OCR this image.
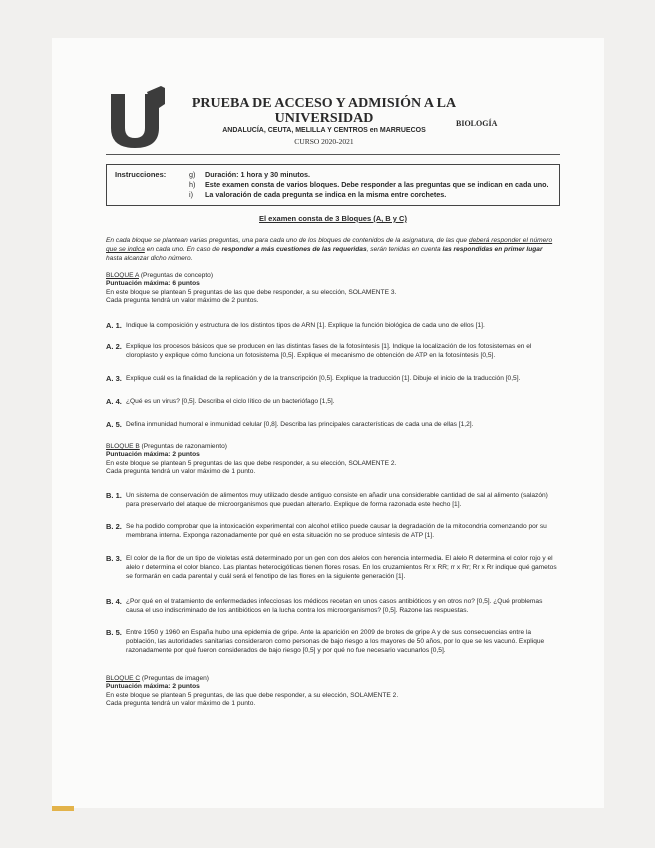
PRUEBA DE ACCESO Y ADMISIÓN A LA
UNIVERSIDAD
ANDALUCÍA, CEUTA, MELILLA Y CENTROS en MARRUECOS
CURSO 2020-2021
BIOLOGÍA
Instrucciones:	g) Duración: 1 hora y 30 minutos.
h) Este examen consta de varios bloques. Debe responder a las preguntas que se indican en cada uno.
i) La valoración de cada pregunta se indica en la misma entre corchetes.
El examen consta de 3 Bloques (A, B y C)
En cada bloque se plantean varias preguntas, una para cada uno de los bloques de contenidos de la asignatura, de las que deberá responder el número que se indica en cada uno. En caso de responder a más cuestiones de las requeridas, serán tenidas en cuenta las respondidas en primer lugar hasta alcanzar dicho número.
BLOQUE A (Preguntas de concepto)
Puntuación máxima: 6 puntos
En este bloque se plantean 5 preguntas de las que debe responder, a su elección, SOLAMENTE 3.
Cada pregunta tendrá un valor máximo de 2 puntos.
A. 1. Indique la composición y estructura de los distintos tipos de ARN [1]. Explique la función biológica de cada uno de ellos [1].
A. 2. Explique los procesos básicos que se producen en las distintas fases de la fotosíntesis [1]. Indique la localización de los fotosistemas en el cloroplasto y explique cómo funciona un fotosistema [0,5]. Explique el mecanismo de obtención de ATP en la fotosíntesis [0,5].
A. 3. Explique cuál es la finalidad de la replicación y de la transcripción [0,5]. Explique la traducción [1]. Dibuje el inicio de la traducción [0,5].
A. 4. ¿Qué es un virus? [0,5]. Describa el ciclo lítico de un bacteriófago [1,5].
A. 5. Defina inmunidad humoral e inmunidad celular [0,8]. Describa las principales características de cada una de ellas [1,2].
BLOQUE B (Preguntas de razonamiento)
Puntuación máxima: 2 puntos
En este bloque se plantean 5 preguntas de las que debe responder, a su elección, SOLAMENTE 2.
Cada pregunta tendrá un valor máximo de 1 punto.
B. 1. Un sistema de conservación de alimentos muy utilizado desde antiguo consiste en añadir una considerable cantidad de sal al alimento (salazón) para preservarlo del ataque de microorganismos que puedan alterarlo. Explique de forma razonada este hecho [1].
B. 2. Se ha podido comprobar que la intoxicación experimental con alcohol etílico puede causar la degradación de la mitocondria comenzando por su membrana interna. Exponga razonadamente por qué en esta situación no se produce síntesis de ATP [1].
B. 3. El color de la flor de un tipo de violetas está determinado por un gen con dos alelos con herencia intermedia. El alelo R determina el color rojo y el alelo r determina el color blanco. Las plantas heterocigóticas tienen flores rosas. En los cruzamientos Rr x RR; rr x Rr; Rr x Rr indique qué gametos se formarán en cada parental y cuál será el fenotipo de las flores en la siguiente generación [1].
B. 4. ¿Por qué en el tratamiento de enfermedades infecciosas los médicos recetan en unos casos antibióticos y en otros no? [0,5]. ¿Qué problemas causa el uso indiscriminado de los antibióticos en la lucha contra los microorganismos? [0,5]. Razone las respuestas.
B. 5. Entre 1950 y 1960 en España hubo una epidemia de gripe. Ante la aparición en 2009 de brotes de gripe A y de sus consecuencias entre la población, las autoridades sanitarias consideraron como personas de bajo riesgo a los mayores de 50 años, por lo que se les vacunó. Explique razonadamente por qué fueron considerados de bajo riesgo [0,5] y por qué no fue necesario vacunarlos [0,5].
BLOQUE C (Preguntas de imagen)
Puntuación máxima: 2 puntos
En este bloque se plantean 5 preguntas, de las que debe responder, a su elección, SOLAMENTE 2.
Cada pregunta tendrá un valor máximo de 1 punto.
